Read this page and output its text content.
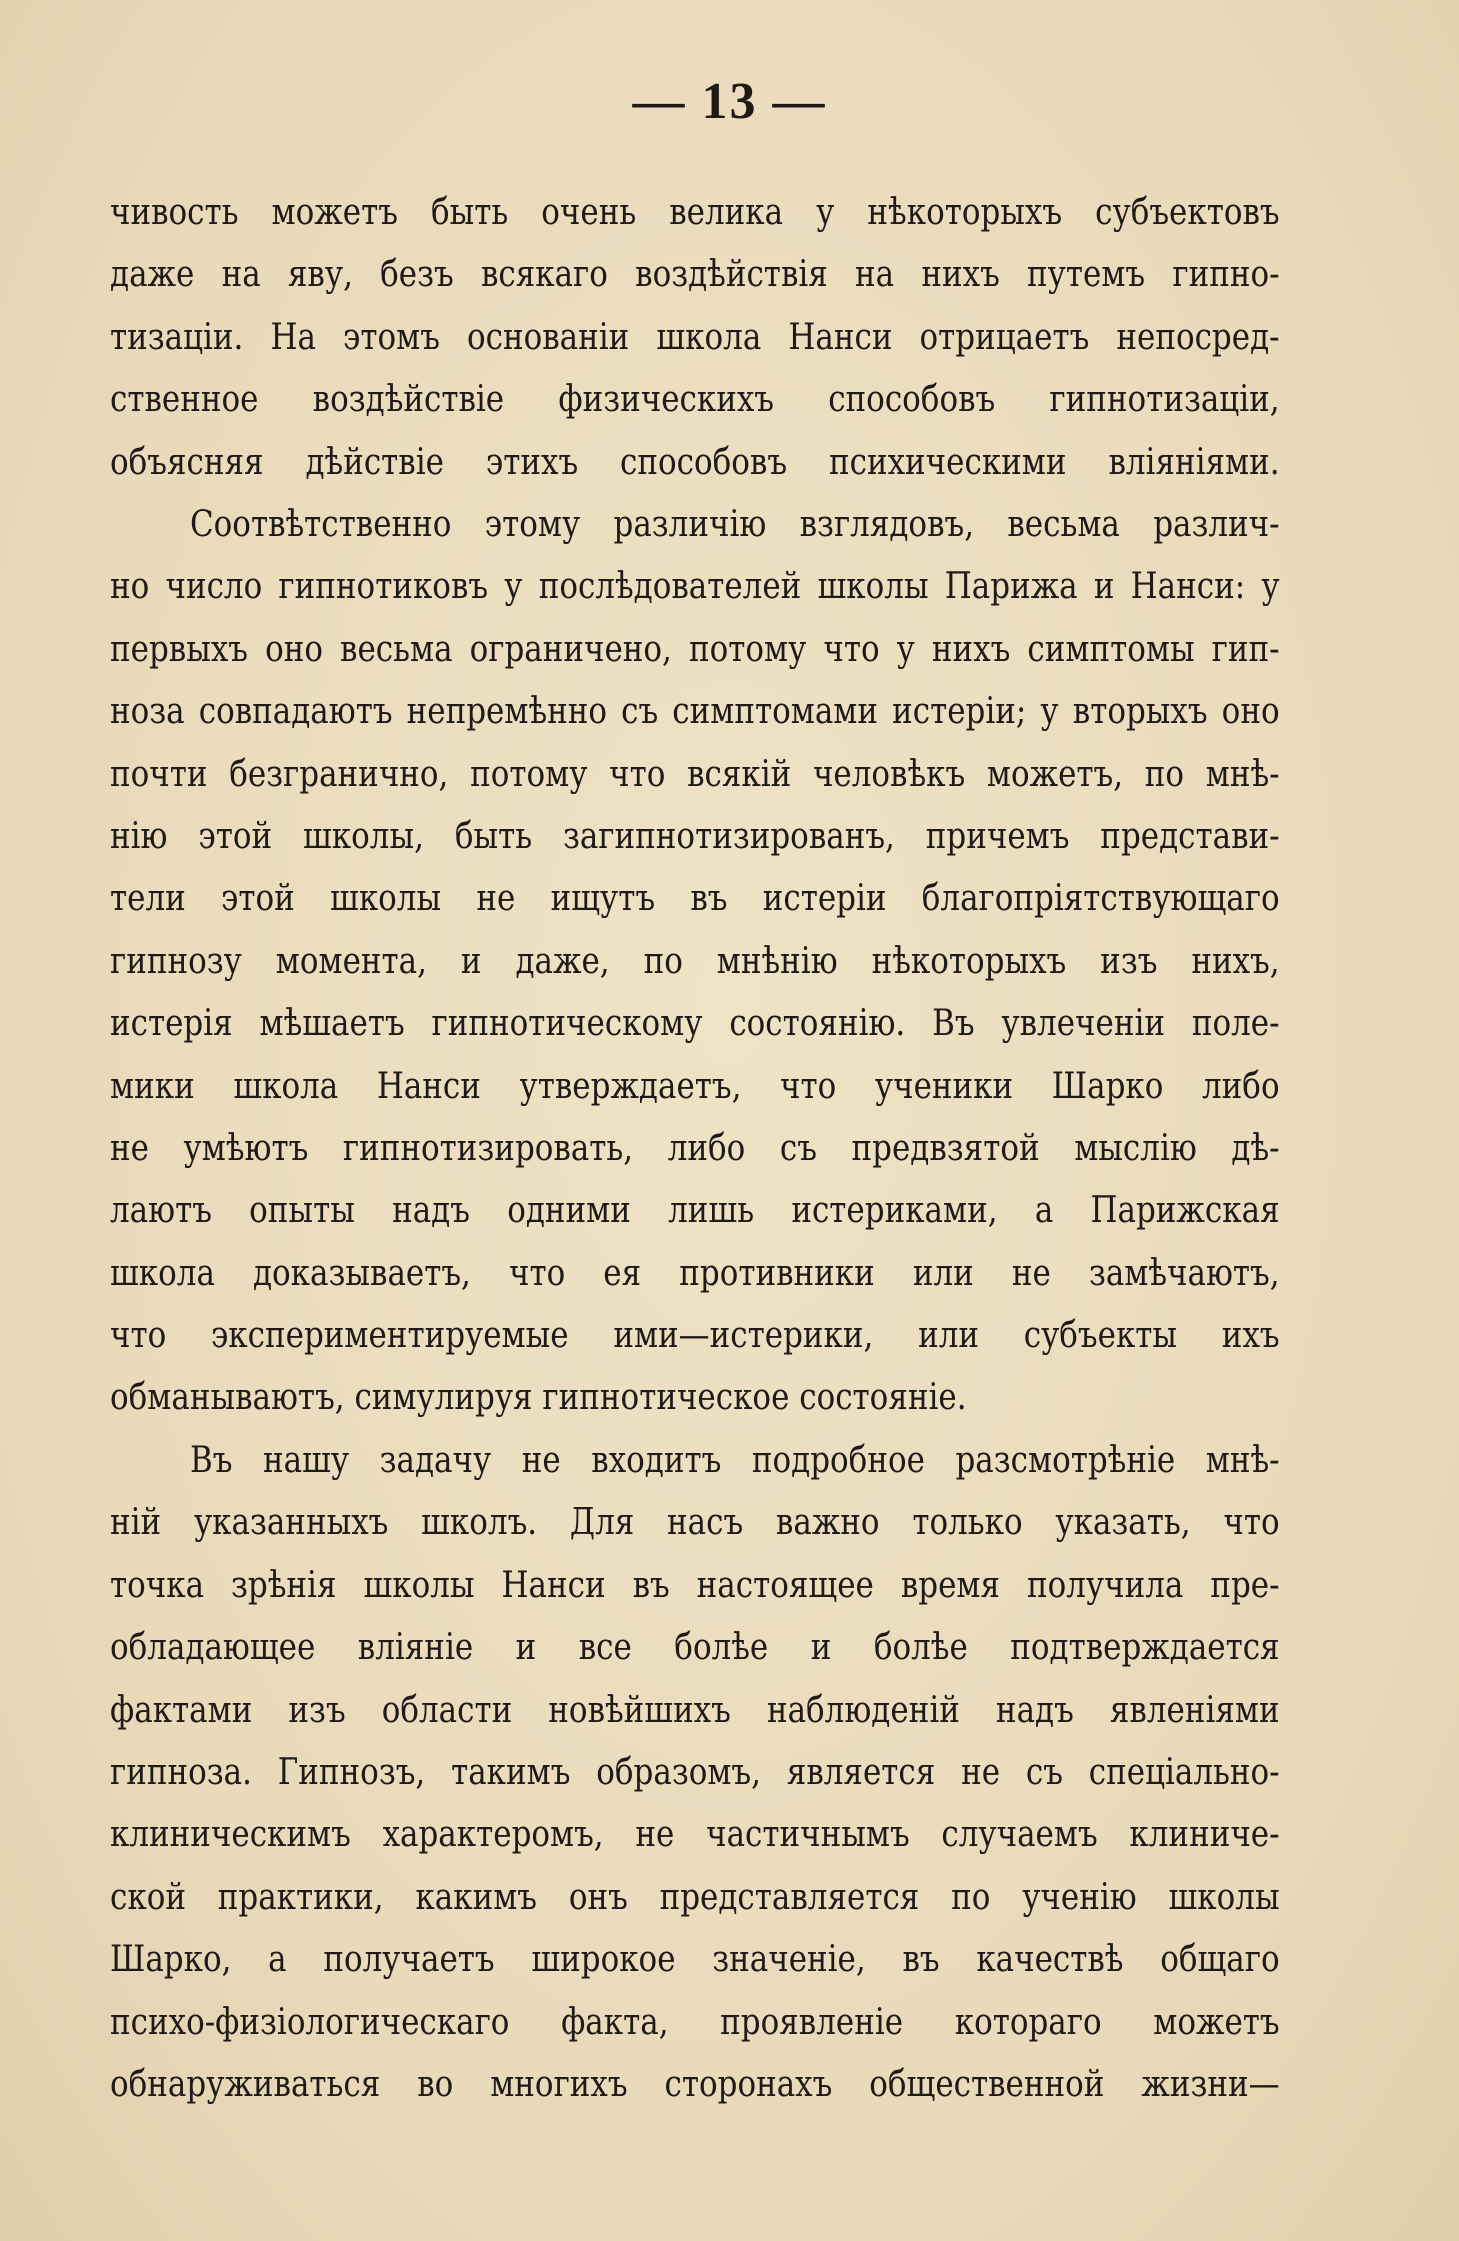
— 13 —
чивость можетъ быть очень велика у нѣкоторыхъ субъектовъ
даже на яву, безъ всякаго воздѣйствія на нихъ путемъ гипно-
тизаціи. На этомъ основаніи школа Нанси отрицаетъ непосред-
ственное воздѣйствіе физическихъ способовъ гипнотизаціи,
объясняя дѣйствіе этихъ способовъ психическими вліяніями.
Соотвѣтственно этому различію взглядовъ, весьма различ-
но число гипнотиковъ у послѣдователей школы Парижа и Нанси: у
первыхъ оно весьма ограничено, потому что у нихъ симптомы гип-
ноза совпадаютъ непремѣнно съ симптомами истеріи; у вторыхъ оно
почти безгранично, потому что всякій человѣкъ можетъ, по мнѣ-
нію этой школы, быть загипнотизированъ, причемъ представи-
тели этой школы не ищутъ въ истеріи благопріятствующаго
гипнозу момента, и даже, по мнѣнію нѣкоторыхъ изъ нихъ,
истерія мѣшаетъ гипнотическому состоянію. Въ увлеченіи поле-
мики школа Нанси утверждаетъ, что ученики Шарко либо
не умѣютъ гипнотизировать, либо съ предвзятой мыслію дѣ-
лаютъ опыты надъ одними лишь истериками, а Парижская
школа доказываетъ, что ея противники или не замѣчаютъ,
что экспериментируемые ими—истерики, или субъекты ихъ
обманываютъ, симулируя гипнотическое состояніе.
Въ нашу задачу не входитъ подробное разсмотрѣніе мнѣ-
ній указанныхъ школъ. Для насъ важно только указать, что
точка зрѣнія школы Нанси въ настоящее время получила пре-
обладающее вліяніе и все болѣе и болѣе подтверждается
фактами изъ области новѣйшихъ наблюденій надъ явленіями
гипноза. Гипнозъ, такимъ образомъ, является не съ спеціально-
клиническимъ характеромъ, не частичнымъ случаемъ клиниче-
ской практики, какимъ онъ представляется по ученію школы
Шарко, а получаетъ широкое значеніе, въ качествѣ общаго
психо-физіологическаго факта, проявленіе котораго можетъ
обнаруживаться во многихъ сторонахъ общественной жизни—
